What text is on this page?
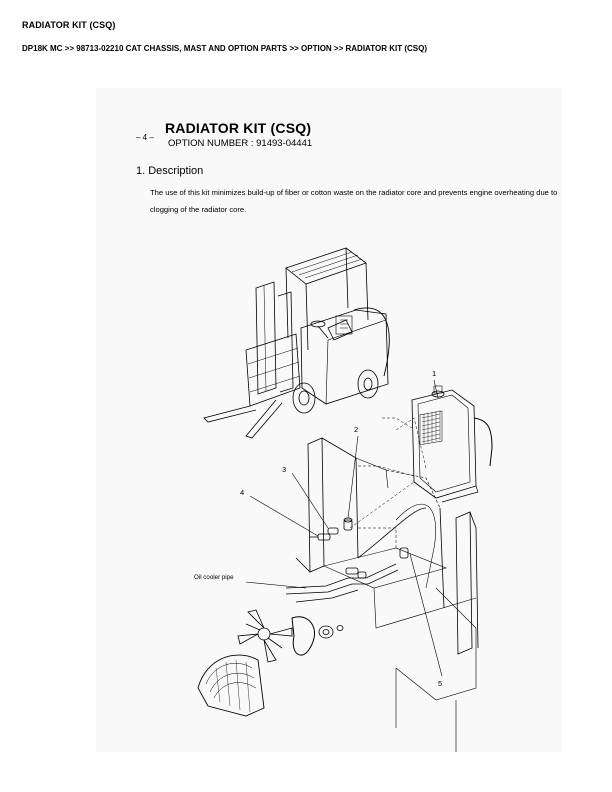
RADIATOR KIT (CSQ)
DP18K MC >> 98713-02210 CAT CHASSIS, MAST AND OPTION PARTS >> OPTION >> RADIATOR KIT (CSQ)
– 4 –
RADIATOR KIT (CSQ)
OPTION NUMBER : 91493-04441
1. Description
The use of this kit minimizes build-up of fiber or cotton waste on the radiator core and prevents engine overheating due to clogging of the radiator core.
1
2
3
4
5
Oil cooler pipe
